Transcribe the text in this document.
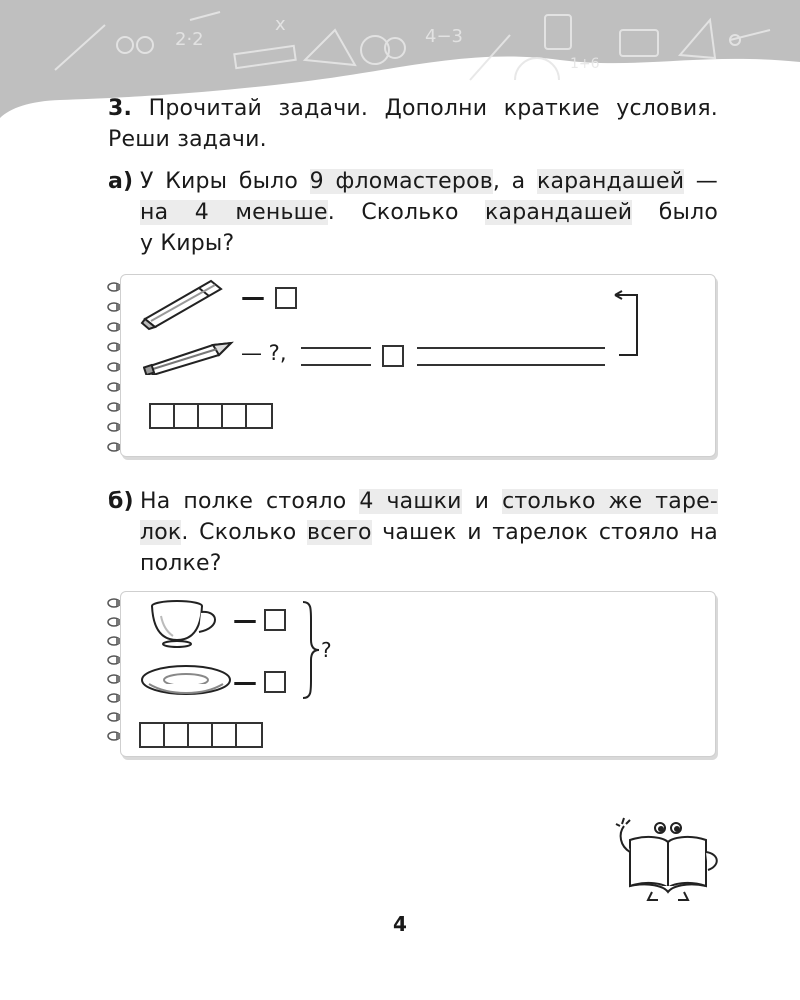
2·2
x
4−3
1+6
3. Прочитай задачи. Дополни краткие условия.
Реши задачи.
а) У Киры было 9 фломастеров, а карандашей —
на 4 меньше. Сколько карандашей было
у Киры?
—
— ?,
б) На полке стояло 4 чашки и столько же таре-
лок. Сколько всего чашек и тарелок стояло на
полке?
—
—
?
4
